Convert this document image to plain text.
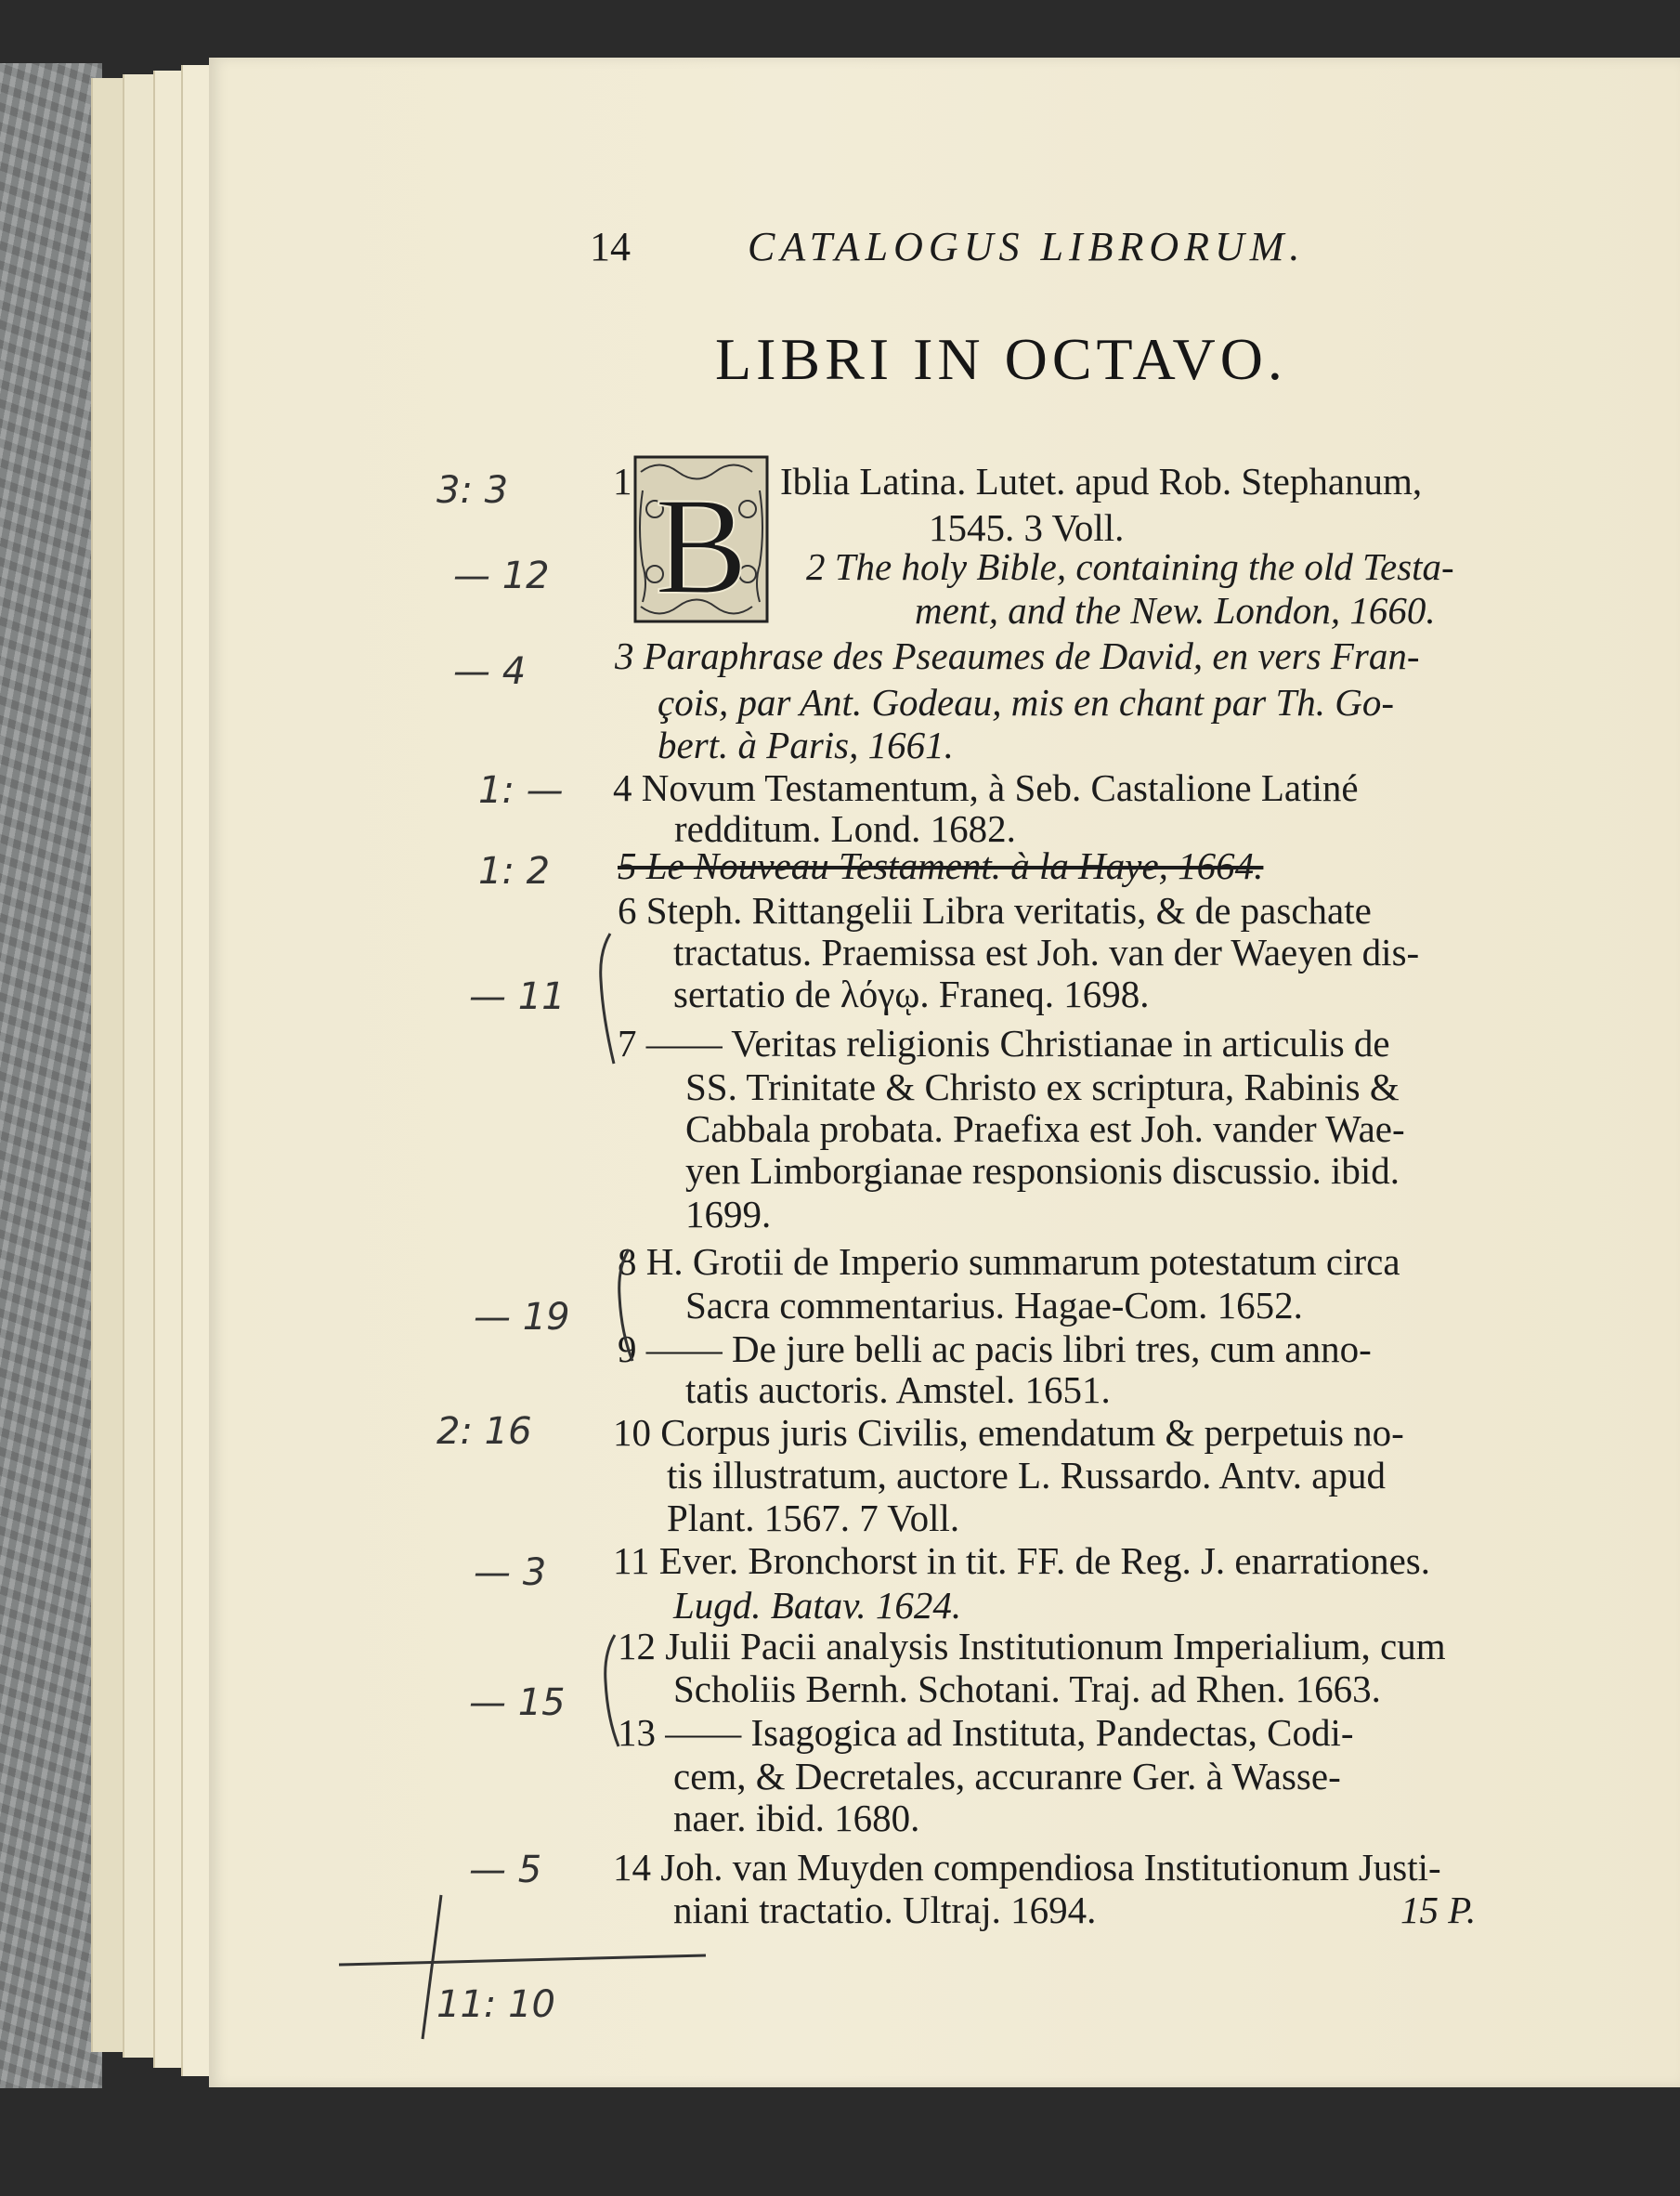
14	CATALOGUS LIBRORUM.
LIBRI IN OCTAVO.
B
1	Iblia Latina. Lutet. apud Rob. Stephanum,
1545. 3 Voll.
2 The holy Bible, containing the old Testa-
ment, and the New. London, 1660.
3 Paraphrase des Pseaumes de David, en vers Fran-
çois, par Ant. Godeau, mis en chant par Th. Go-
bert. à Paris, 1661.
4 Novum Testamentum, à Seb. Castalione Latiné
redditum. Lond. 1682.
5 Le Nouveau Testament. à la Haye, 1664.
6 Steph. Rittangelii Libra veritatis, & de paschate
tractatus. Praemissa est Joh. van der Waeyen dis-
sertatio de λόγῳ. Franeq. 1698.
7 —— Veritas religionis Christianae in articulis de
SS. Trinitate & Christo ex scriptura, Rabinis &
Cabbala probata. Praefixa est Joh. vander Wae-
yen Limborgianae responsionis discussio. ibid.
1699.
8 H. Grotii de Imperio summarum potestatum circa
Sacra commentarius. Hagae-Com. 1652.
9 —— De jure belli ac pacis libri tres, cum anno-
tatis auctoris. Amstel. 1651.
10 Corpus juris Civilis, emendatum & perpetuis no-
tis illustratum, auctore L. Russardo. Antv. apud
Plant. 1567. 7 Voll.
11 Ever. Bronchorst in tit. FF. de Reg. J. enarrationes.
Lugd. Batav. 1624.
12 Julii Pacii analysis Institutionum Imperialium, cum
Scholiis Bernh. Schotani. Traj. ad Rhen. 1663.
13 —— Isagogica ad Instituta, Pandectas, Codi-
cem, & Decretales, accuranre Ger. à Wasse-
naer. ibid. 1680.
14 Joh. van Muyden compendiosa Institutionum Justi-
niani tractatio. Ultraj. 1694.	15 P.
3: 3
— 12
— 4
1: —
1: 2
— 11
— 19
2: 16
— 3
— 15
— 5
11: 10
